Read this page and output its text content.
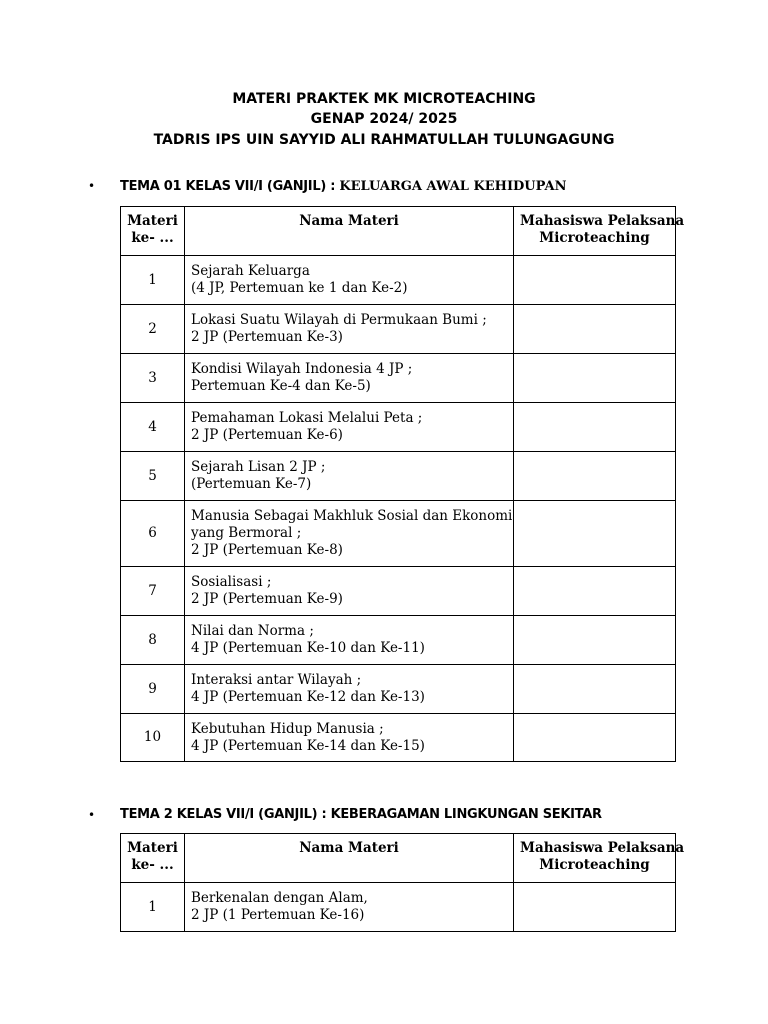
MATERI PRAKTEK MK MICROTEACHING
GENAP 2024/ 2025
TADRIS IPS UIN SAYYID ALI RAHMATULLAH TULUNGAGUNG
• TEMA 01 KELAS VII/I (GANJIL) : KELUARGA AWAL KEHIDUPAN
Materi
ke- ...	Nama Materi	Mahasiswa Pelaksana
Microteaching

1	Sejarah Keluarga
(4 JP, Pertemuan ke 1 dan Ke-2)	

2	Lokasi Suatu Wilayah di Permukaan Bumi ;
2 JP (Pertemuan Ke-3)	

3	Kondisi Wilayah Indonesia 4 JP ;
Pertemuan Ke-4 dan Ke-5)	

4	Pemahaman Lokasi Melalui Peta ;
2 JP (Pertemuan Ke-6)	

5	Sejarah Lisan 2 JP ;
(Pertemuan Ke-7)	

6	Manusia Sebagai Makhluk Sosial dan Ekonomi
yang Bermoral ;
2 JP (Pertemuan Ke-8)	

7	Sosialisasi ;
2 JP (Pertemuan Ke-9)	

8	Nilai dan Norma ;
4 JP (Pertemuan Ke-10 dan Ke-11)	

9	Interaksi antar Wilayah ;
4 JP (Pertemuan Ke-12 dan Ke-13)	

10	Kebutuhan Hidup Manusia ;
4 JP (Pertemuan Ke-14 dan Ke-15)	

• TEMA 2 KELAS VII/I (GANJIL) : KEBERAGAMAN LINGKUNGAN SEKITAR
Materi
ke- ...	Nama Materi	Mahasiswa Pelaksana
Microteaching

1	Berkenalan dengan Alam,
2 JP (1 Pertemuan Ke-16)	
